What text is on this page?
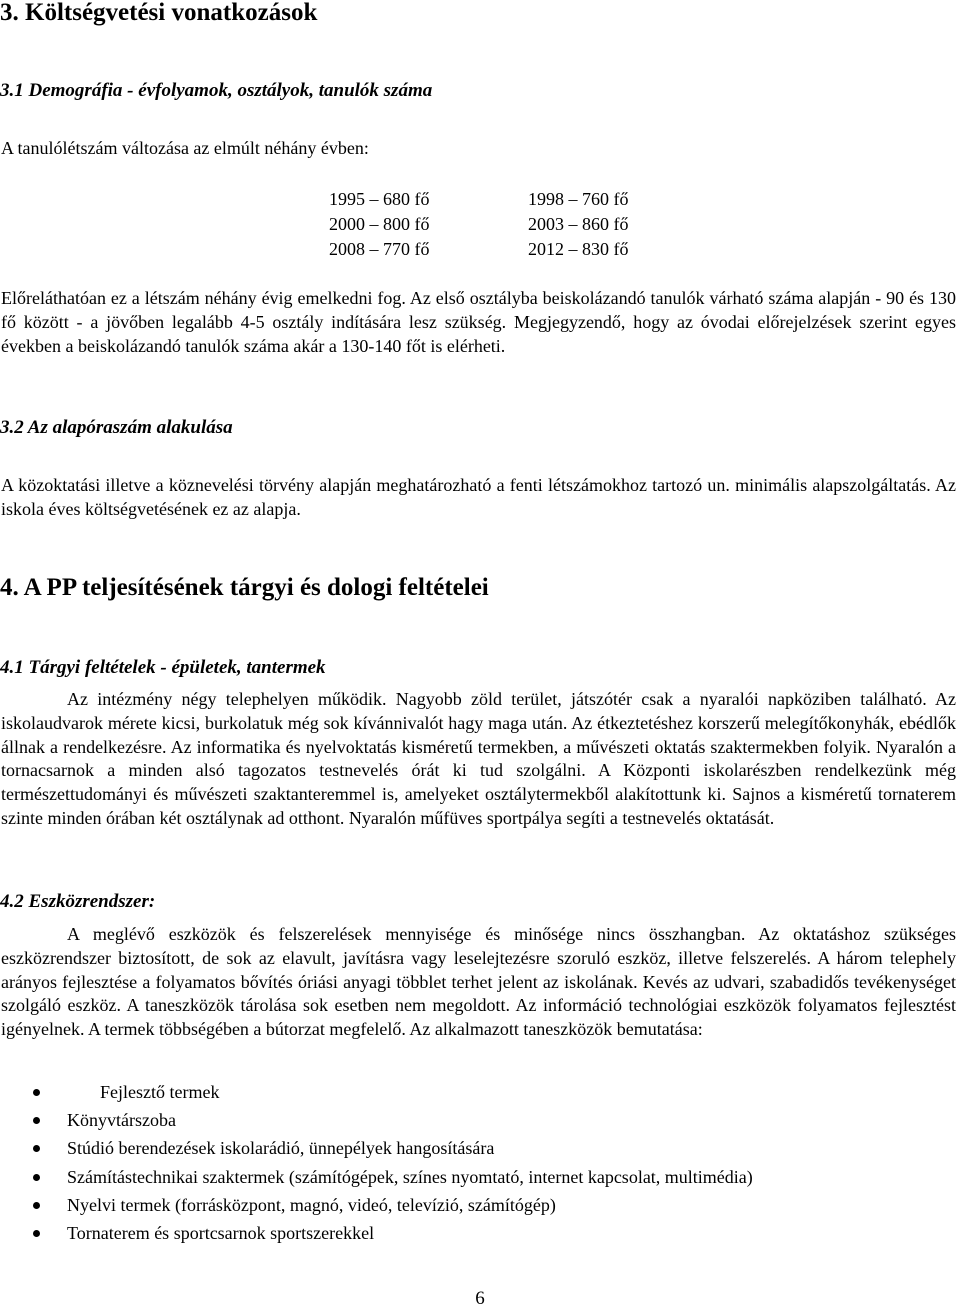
3. Költségvetési vonatkozások
3.1 Demográfia - évfolyamok, osztályok, tanulók száma

A tanulólétszám változása az elmúlt néhány évben:

1995 – 680 fő
2000 – 800 fő
2008 – 770 fő
1998 – 760 fő
2003 – 860 fő
2012 – 830 fő

Előreláthatóan ez a létszám néhány évig emelkedni fog. Az első osztályba beiskolázandó tanulók várható száma alapján - 90 és 130 fő között - a jövőben legalább 4-5 osztály indítására lesz szükség. Megjegyzendő, hogy az óvodai előrejelzések szerint egyes években a beiskolázandó tanulók száma akár a 130-140 főt is elérheti.

3.2 Az alapóraszám alakulása

A közoktatási illetve a köznevelési törvény alapján meghatározható a fenti létszámokhoz tartozó un. minimális alapszolgáltatás. Az iskola éves költségvetésének ez az alapja.

4. A PP teljesítésének tárgyi és dologi feltételei
4.1 Tárgyi feltételek - épületek, tantermek

Az intézmény négy telephelyen működik. Nagyobb zöld terület, játszótér csak a nyaralói napköziben található. Az iskolaudvarok mérete kicsi, burkolatuk még sok kívánnivalót hagy maga után. Az étkeztetéshez korszerű melegítőkonyhák, ebédlők állnak a rendelkezésre. Az informatika és nyelvoktatás kisméretű termekben, a művészeti oktatás szaktermekben folyik. Nyaralón a tornacsarnok a minden alsó tagozatos testnevelés órát ki tud szolgálni. A Központi iskolarészben rendelkezünk még természettudományi és művészeti szaktanteremmel is, amelyeket osztálytermekből alakítottunk ki. Sajnos a kisméretű tornaterem szinte minden órában két osztálynak ad otthont. Nyaralón műfüves sportpálya segíti a testnevelés oktatását.

4.2 Eszközrendszer:

A meglévő eszközök és felszerelések mennyisége és minősége nincs összhangban. Az oktatáshoz szükséges eszközrendszer biztosított, de sok az elavult, javításra vagy leselejtezésre szoruló eszköz, illetve felszerelés. A három telephely arányos fejlesztése a folyamatos bővítés óriási anyagi többlet terhet jelent az iskolának. Kevés az udvari, szabadidős tevékenységet szolgáló eszköz. A taneszközök tárolása sok esetben nem megoldott. Az információ technológiai eszközök folyamatos fejlesztést igényelnek. A termek többségében a bútorzat megfelelő. Az alkalmazott taneszközök bemutatása:

Fejlesztő termek
Könyvtárszoba
Stúdió berendezések iskolarádió, ünnepélyek hangosítására
Számítástechnikai szaktermek (számítógépek, színes nyomtató, internet kapcsolat, multimédia)
Nyelvi termek (forrásközpont, magnó, videó, televízió, számítógép)
Tornaterem és sportcsarnok sportszerekkel
6
